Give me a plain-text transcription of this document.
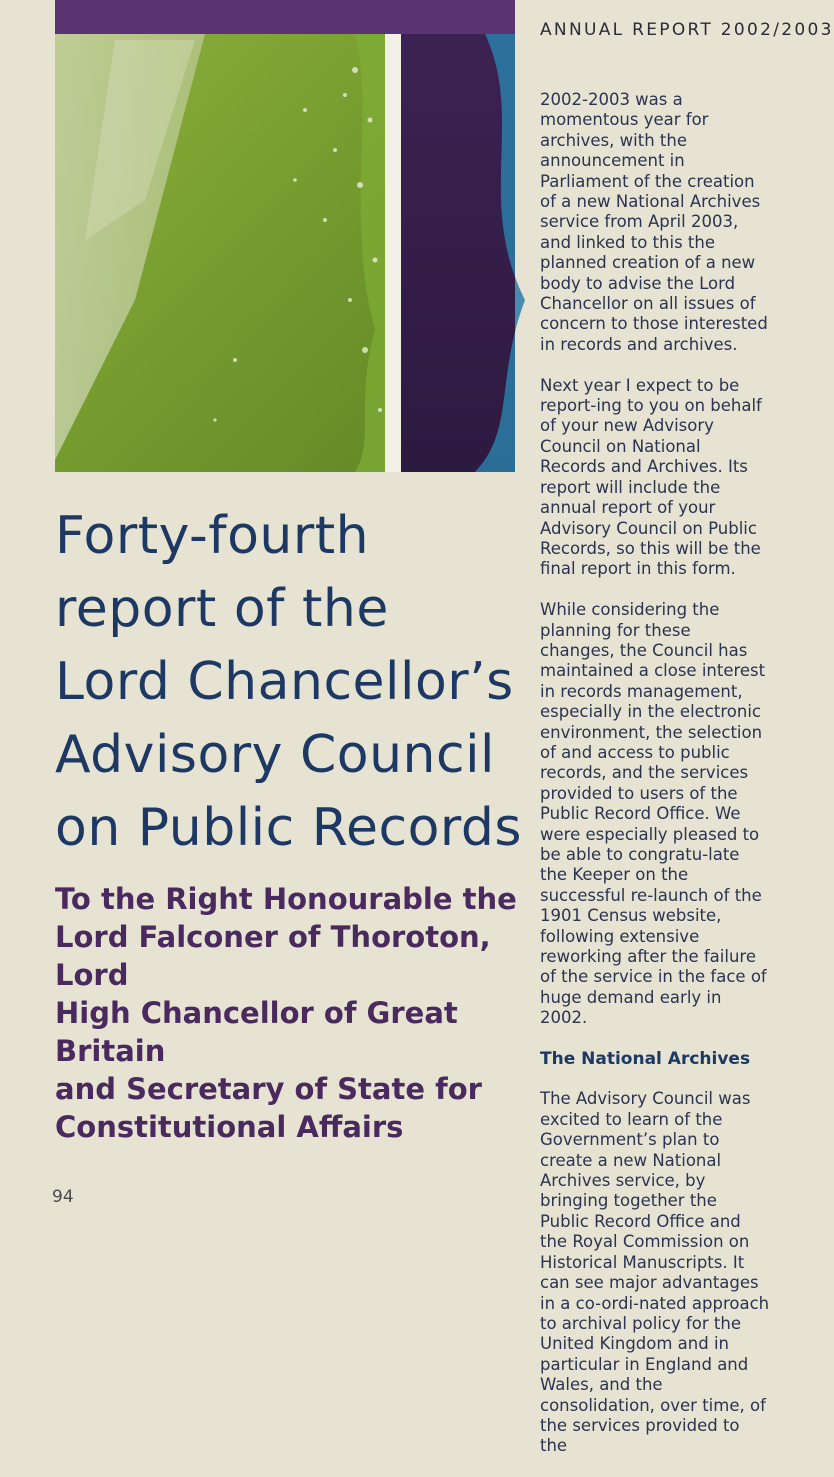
Forty-fourth
report of the
Lord Chancellor’s
Advisory Council
on Public Records
To the Right Honourable the
Lord Falconer of Thoroton, Lord
High Chancellor of Great Britain
and Secretary of State for
Constitutional Affairs
94
ANNUAL REPORT 2002/2003

2002-2003 was a momentous year for archives, with the announcement in Parliament of the creation of a new National Archives service from April 2003, and linked to this the planned creation of a new body to advise the Lord Chancellor on all issues of concern to those interested in records and archives.

Next year I expect to be report-ing to you on behalf of your new Advisory Council on National Records and Archives. Its report will include the annual report of your Advisory Council on Public Records, so this will be the final report in this form.

While considering the planning for these changes, the Council has maintained a close interest in records management, especially in the electronic environment, the selection of and access to public records, and the services provided to users of the Public Record Office. We were especially pleased to be able to congratu-late the Keeper on the successful re-launch of the 1901 Census website, following extensive reworking after the failure of the service in the face of huge demand early in 2002.

The National Archives

The Advisory Council was excited to learn of the Government’s plan to create a new National Archives service, by bringing together the Public Record Office and the Royal Commission on Historical Manuscripts. It can see major advantages in a co-ordi-nated approach to archival policy for the United Kingdom and in particular in England and Wales, and the consolidation, over time, of the services provided to the
